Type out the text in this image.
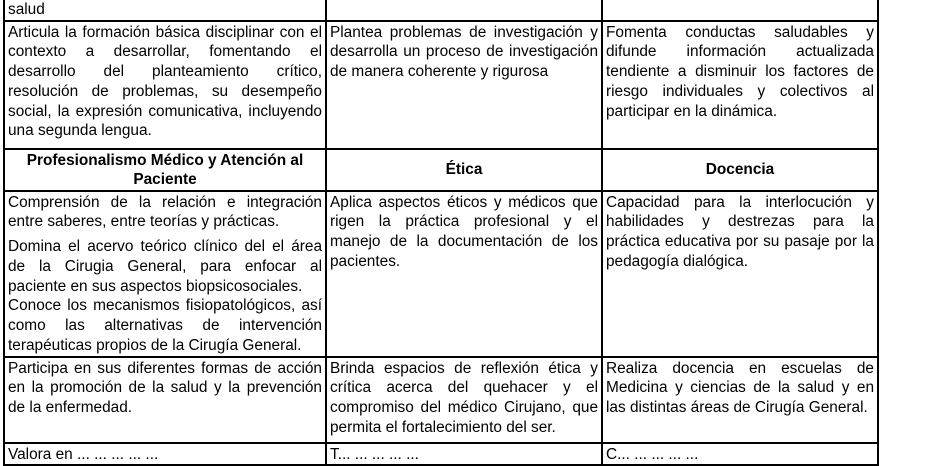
salud		

Articula la formación básica disciplinar con el contexto a desarrollar, fomentando el desarrollo del planteamiento crítico, resolución de problemas, su desempeño social, la expresión comunicativa, incluyendo una segunda lengua.	Plantea problemas de investigación y desarrolla un proceso de investigación de manera coherente y rigurosa	Fomenta conductas saludables y difunde información actualizada tendiente a disminuir los factores de riesgo individuales y colectivos al participar en la dinámica.

Profesionalismo Médico y Atención al Paciente	Ética	Docencia

Comprensión de la relación e integración entre saberes, entre teorías y prácticas.
Domina el acervo teórico clínico del el área de la Cirugia General, para enfocar al paciente en sus aspectos biopsicosociales.
Conoce los mecanismos fisiopatológicos, así como las alternativas de intervención terapéuticas propios de la Cirugía General.	Aplica aspectos éticos y médicos que rigen la práctica profesional y el manejo de la documentación de los pacientes.	Capacidad para la interlocución y habilidades y destrezas para la práctica educativa por su pasaje por la pedagogía dialógica.

Participa en sus diferentes formas de acción en la promoción de la salud y la prevención de la enfermedad.	Brinda espacios de reflexión ética y crítica acerca del quehacer y el compromiso del médico Cirujano, que permita el fortalecimiento del ser.	Realiza docencia en escuelas de Medicina y ciencias de la salud y en las distintas áreas de Cirugía General.

Valora en ... ... ... ... ...	T... ... ... ... ...	C... ... ... ... ...
